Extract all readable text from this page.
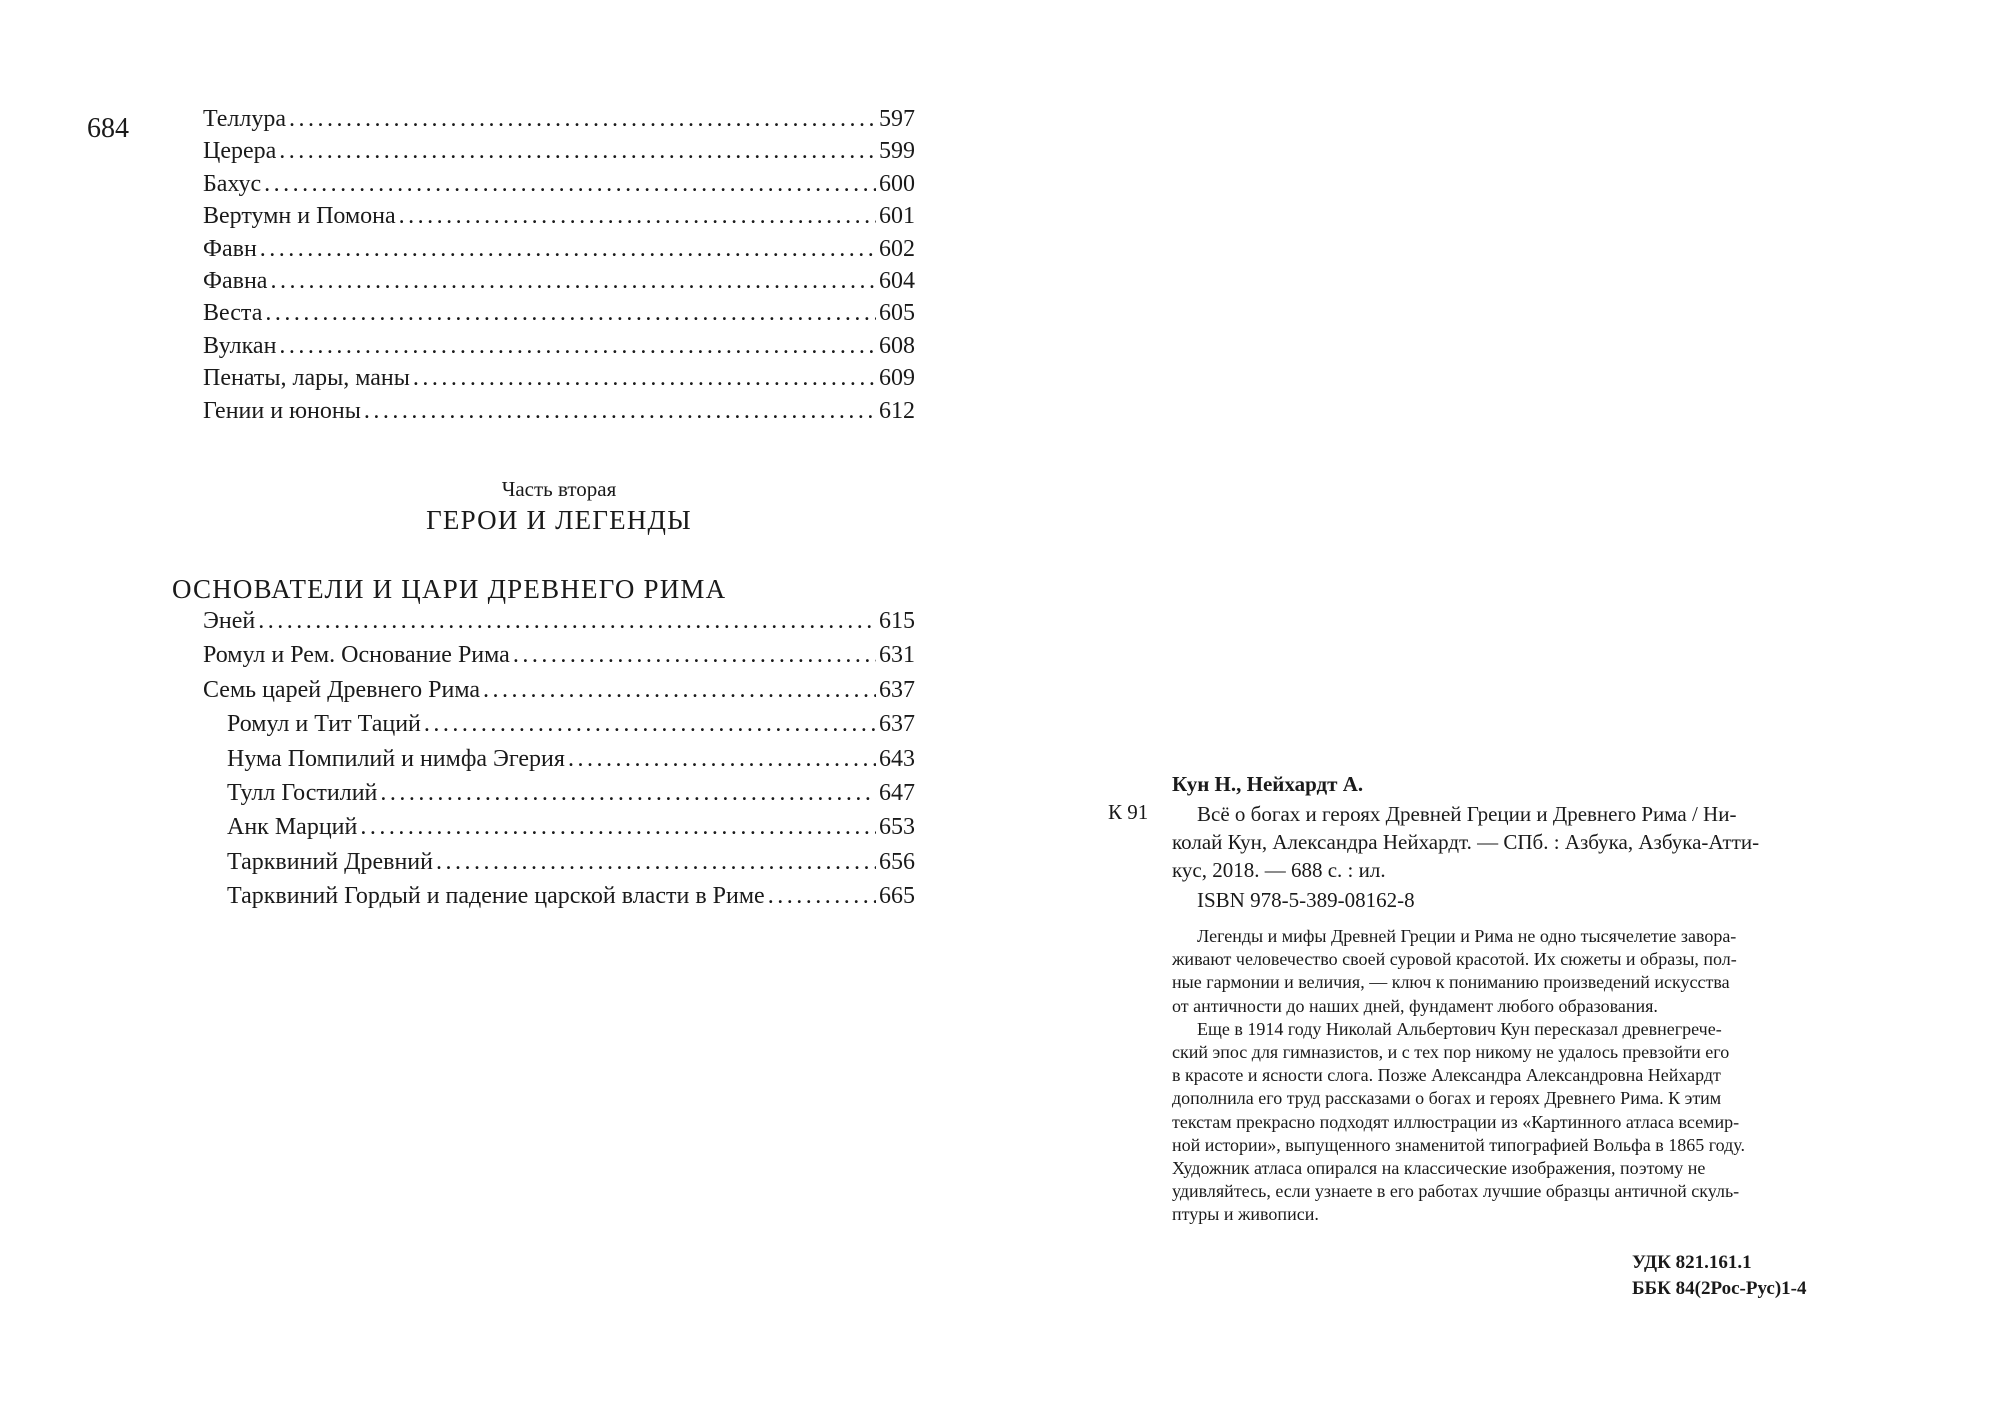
684	Теллура .....	597
Церера .....	599
Бахус .....	600
Вертумн и Помона .....	601
Фавн .....	602
Фавна .....	604
Веста .....	605
Вулкан .....	608
Пенаты, лары, маны .....	609
Гении и юноны .....	612
Часть вторая
ГЕРОИ И ЛЕГЕНДЫ
ОСНОВАТЕЛИ И ЦАРИ ДРЕВНЕГО РИМА
Эней .....	615
Ромул и Рем. Основание Рима .....	631
Семь царей Древнего Рима .....	637
Ромул и Тит Таций .....	637
Нума Помпилий и нимфа Эгерия .....	643
Тулл Гостилий .....	647
Анк Марций .....	653
Тарквиний Древний .....	656
Тарквиний Гордый и падение царской власти в Риме .....	665
Кун Н., Нейхардт А.
К 91 Всё о богах и героях Древней Греции и Древнего Рима / Ни-
колай Кун, Александра Нейхардт. — СПб. : Азбука, Азбука-Атти-
кус, 2018. — 688 с. : ил.
ISBN 978-5-389-08162-8
Легенды и мифы Древней Греции и Рима не одно тысячелетие завора-
живают человечество своей суровой красотой. Их сюжеты и образы, пол-
ные гармонии и величия, — ключ к пониманию произведений искусства
от античности до наших дней, фундамент любого образования.
Еще в 1914 году Николай Альбертович Кун пересказал древнегрече-
ский эпос для гимназистов, и с тех пор никому не удалось превзойти его
в красоте и ясности слога. Позже Александра Александровна Нейхардт
дополнила его труд рассказами о богах и героях Древнего Рима. К этим
текстам прекрасно подходят иллюстрации из «Картинного атласа всемир-
ной истории», выпущенного знаменитой типографией Вольфа в 1865 году.
Художник атласа опирался на классические изображения, поэтому не
удивляйтесь, если узнаете в его работах лучшие образцы античной скуль-
птуры и живописи.
УДК 821.161.1
ББК 84(2Рос-Рус)1-4
